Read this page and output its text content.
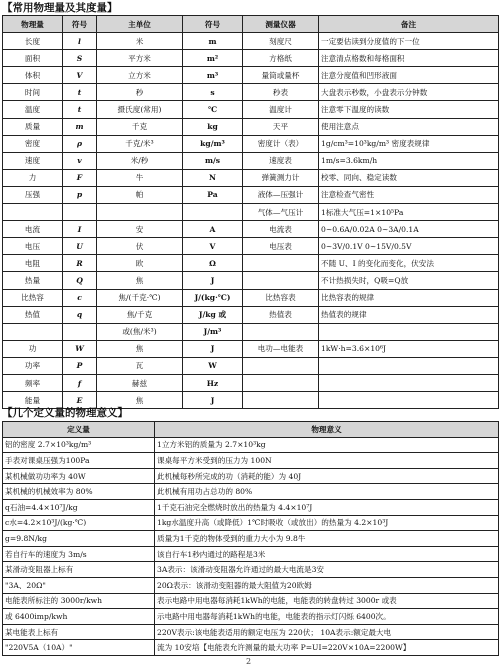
【常用物理量及其度量】
物理量	符号	主单位	符号	测量仪器	备注
长度	l	米	m	刻度尺	一定要估读到分度值的下一位
面积	S	平方米	m²	方格纸	注意清点格数和每格面积
体积	V	立方米	m³	量筒或量杯	注意分度值和凹形液面
时间	t	秒	s	秒表	大盘表示秒数，小盘表示分钟数
温度	t	摄氏度(常用)	℃	温度计	注意零下温度的读数
质量	m	千克	kg	天平	使用注意点
密度	ρ	千克/米³	kg/m³	密度计（表）	1g/cm³=10³kg/m³ 密度表规律
速度	v	米/秒	m/s	速度表	1m/s=3.6km/h
力	F	牛	N	弹簧测力计	校零、同向、稳定读数
压强	p	帕	Pa	液体—压强计	注意检查气密性
				气体—气压计	1标准大气压=1×10⁵Pa
电流	I	安	A	电流表	0~0.6A/0.02A 0~3A/0.1A
电压	U	伏	V	电压表	0~3V/0.1V 0~15V/0.5V
电阻	R	欧	Ω		不随 U、I 的变化而变化，伏安法
热量	Q	焦	J		不计热损失时，Q吸=Q放
比热容	c	焦/(千克·℃)	J/(kg·℃)	比热容表	比热容表的规律
热值	q	焦/千克	J/kg 或	热值表	热值表的规律
		或(焦/米³)	J/m³		
功	W	焦	J	电功—电能表	1kW·h=3.6×10⁶J
功率	P	瓦	W		
频率	f	赫兹	Hz		
能量	E	焦	J		
【几个定义量的物理意义】
定义量	物理意义
铝的密度 2.7×10³kg/m³	1立方米铝的质量为 2.7×10³kg
手表对课桌压强为100Pa	课桌每平方米受到的压力为 100N
某机械做功功率为 40W	此机械每秒所完成的功（消耗的能）为 40J
某机械的机械效率为 80%	此机械有用功占总功的 80%
q石油=4.4×10⁷J/kg	1千克石油完全燃烧时放出的热量为 4.4×10⁷J
c水=4.2×10³J/(kg·℃)	1kg水温度升高（或降低）1℃时吸收（或放出）的热量为 4.2×10³J
g=9.8N/kg	质量为1千克的物体受到的重力大小为 9.8牛
若自行车的速度为 3m/s	该自行车1秒内通过的路程是3米
某滑动变阻器上标有	3A表示：该滑动变阻器允许通过的最大电流是3安
"3A、20Ω"	20Ω表示：该滑动变阻器的最大阻值为20欧姆
电能表所标注的 3000r/kwh	表示电路中用电器每消耗1kWh的电能，电能表的转盘转过 3000r 或表
或 6400imp/kwh	示电路中用电器每消耗1kWh的电能，电能表的指示灯闪烁 6400次。
某电能表上标有	220V表示:该电能表适用的额定电压为 220伏； 10A表示:额定最大电
"220V5A（10A）"	流为 10安培【电能表允许测量的最大功率 P=UI=220V×10A=2200W】
2
